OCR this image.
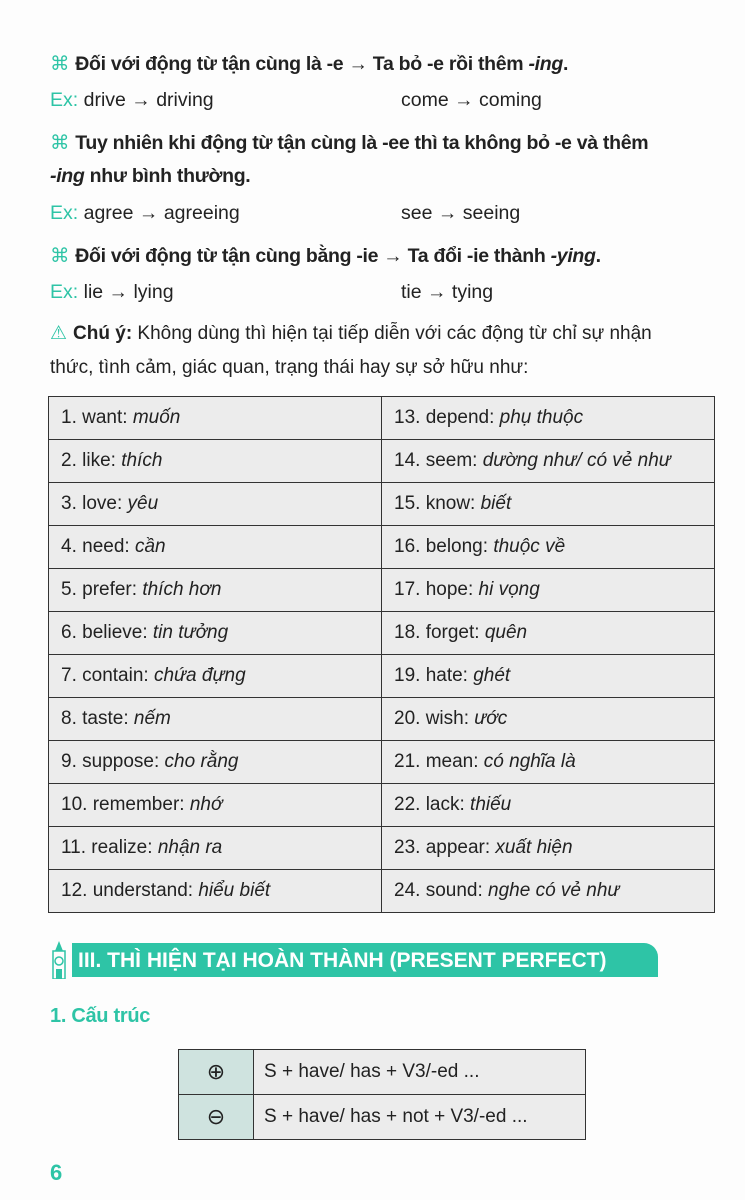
⌘ Đối với động từ tận cùng là -e → Ta bỏ -e rồi thêm -ing.
Ex: drive → driving	come → coming
⌘ Tuy nhiên khi động từ tận cùng là -ee thì ta không bỏ -e và thêm
-ing như bình thường.
Ex: agree → agreeing	see → seeing
⌘ Đối với động từ tận cùng bằng -ie → Ta đổi -ie thành -ying.
Ex: lie → lying	tie → tying
⚠ Chú ý: Không dùng thì hiện tại tiếp diễn với các động từ chỉ sự nhận
thức, tình cảm, giác quan, trạng thái hay sự sở hữu như:
1. want: muốn	13. depend: phụ thuộc
2. like: thích	14. seem: dường như/ có vẻ như
3. love: yêu	15. know: biết
4. need: cần	16. belong: thuộc về
5. prefer: thích hơn	17. hope: hi vọng
6. believe: tin tưởng	18. forget: quên
7. contain: chứa đựng	19. hate: ghét
8. taste: nếm	20. wish: ước
9. suppose: cho rằng	21. mean: có nghĩa là
10. remember: nhớ	22. lack: thiếu
11. realize: nhận ra	23. appear: xuất hiện
12. understand: hiểu biết	24. sound: nghe có vẻ như
III. THÌ HIỆN TẠI HOÀN THÀNH (PRESENT PERFECT)
1. Cấu trúc
⊕	S + have/ has + V3/-ed ...
⊖	S + have/ has + not + V3/-ed ...
6
